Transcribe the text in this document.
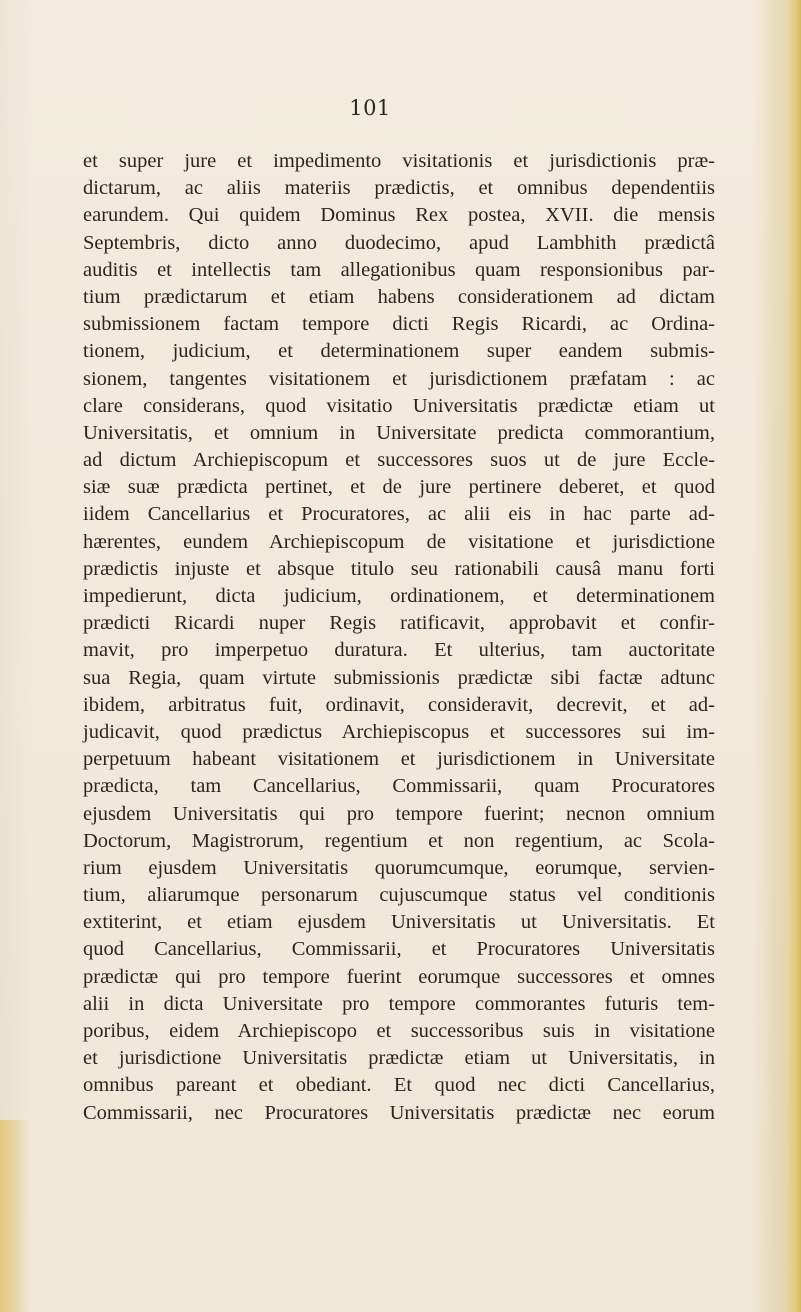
101
et super jure et impedimento visitationis et jurisdictionis præ-
dictarum, ac aliis materiis prædictis, et omnibus dependentiis
earundem. Qui quidem Dominus Rex postea, XVII. die mensis
Septembris, dicto anno duodecimo, apud Lambhith prædictâ
auditis et intellectis tam allegationibus quam responsionibus par-
tium prædictarum et etiam habens considerationem ad dictam
submissionem factam tempore dicti Regis Ricardi, ac Ordina-
tionem, judicium, et determinationem super eandem submis-
sionem, tangentes visitationem et jurisdictionem præfatam : ac
clare considerans, quod visitatio Universitatis prædictæ etiam ut
Universitatis, et omnium in Universitate predicta commorantium,
ad dictum Archiepiscopum et successores suos ut de jure Eccle-
siæ suæ prædicta pertinet, et de jure pertinere deberet, et quod
iidem Cancellarius et Procuratores, ac alii eis in hac parte ad-
hærentes, eundem Archiepiscopum de visitatione et jurisdictione
prædictis injuste et absque titulo seu rationabili causâ manu forti
impedierunt, dicta judicium, ordinationem, et determinationem
prædicti Ricardi nuper Regis ratificavit, approbavit et confir-
mavit, pro imperpetuo duratura. Et ulterius, tam auctoritate
sua Regia, quam virtute submissionis prædictæ sibi factæ adtunc
ibidem, arbitratus fuit, ordinavit, consideravit, decrevit, et ad-
judicavit, quod prædictus Archiepiscopus et successores sui im-
perpetuum habeant visitationem et jurisdictionem in Universitate
prædicta, tam Cancellarius, Commissarii, quam Procuratores
ejusdem Universitatis qui pro tempore fuerint; necnon omnium
Doctorum, Magistrorum, regentium et non regentium, ac Scola-
rium ejusdem Universitatis quorumcumque, eorumque, servien-
tium, aliarumque personarum cujuscumque status vel conditionis
extiterint, et etiam ejusdem Universitatis ut Universitatis. Et
quod Cancellarius, Commissarii, et Procuratores Universitatis
prædictæ qui pro tempore fuerint eorumque successores et omnes
alii in dicta Universitate pro tempore commorantes futuris tem-
poribus, eidem Archiepiscopo et successoribus suis in visitatione
et jurisdictione Universitatis prædictæ etiam ut Universitatis, in
omnibus pareant et obediant. Et quod nec dicti Cancellarius,
Commissarii, nec Procuratores Universitatis prædictæ nec eorum
